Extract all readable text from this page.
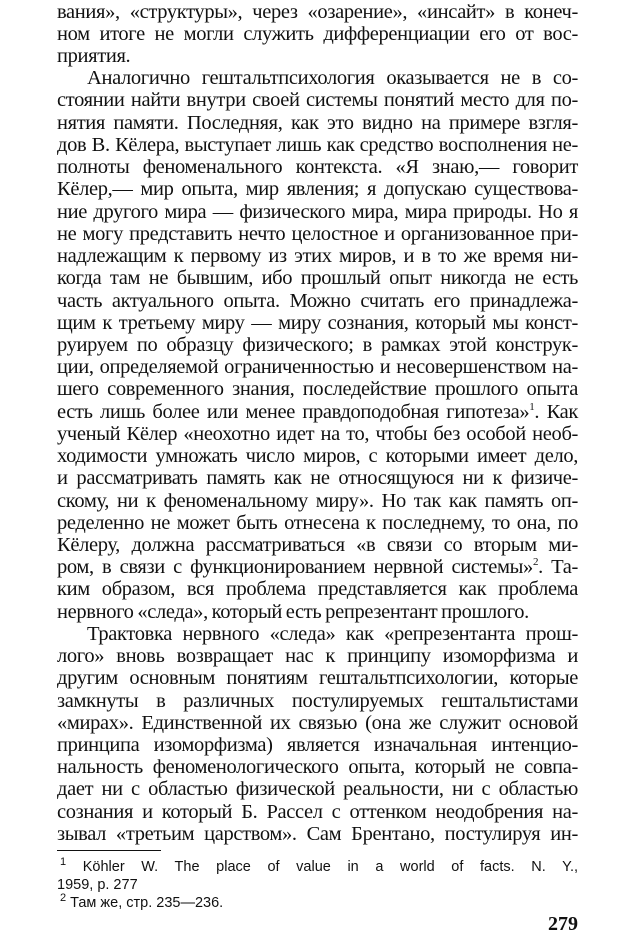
вания», «структуры», через «озарение», «инсайт» в конеч-
ном итоге не могли служить дифференциации его от вос-
приятия.
Аналогично гештальтпсихология оказывается не в со-
стоянии найти внутри своей системы понятий место для по-
нятия памяти. Последняя, как это видно на примере взгля-
дов В. Кёлера, выступает лишь как средство восполнения не-
полноты феноменального контекста. «Я знаю,— говорит
Кёлер,— мир опыта, мир явления; я допускаю существова-
ние другого мира — физического мира, мира природы. Но я
не могу представить нечто целостное и организованное при-
надлежащим к первому из этих миров, и в то же время ни-
когда там не бывшим, ибо прошлый опыт никогда не есть
часть актуального опыта. Можно считать его принадлежа-
щим к третьему миру — миру сознания, который мы конст-
руируем по образцу физического; в рамках этой конструк-
ции, определяемой ограниченностью и несовершенством на-
шего современного знания, последействие прошлого опыта
есть лишь более или менее правдоподобная гипотеза»$^1$. Как
ученый Кёлер «неохотно идет на то, чтобы без особой необ-
ходимости умножать число миров, с которыми имеет дело,
и рассматривать память как не относящуюся ни к физиче-
скому, ни к феноменальному миру». Но так как память оп-
ределенно не может быть отнесена к последнему, то она, по
Кёлеру, должна рассматриваться «в связи со вторым ми-
ром, в связи с функционированием нервной системы»$^2$. Та-
ким образом, вся проблема представляется как проблема
нервного «следа», который есть репрезентант прошлого.
Трактовка нервного «следа» как «репрезентанта прош-
лого» вновь возвращает нас к принципу изоморфизма и
другим основным понятиям гештальтпсихологии, которые
замкнуты в различных постулируемых гештальтистами
«мирах». Единственной их связью (она же служит основой
принципа изоморфизма) является изначальная интенцио-
нальность феноменологического опыта, который не совпа-
дает ни с областью физической реальности, ни с областью
сознания и который Б. Рассел с оттенком неодобрения на-
зывал «третьим царством». Сам Брентано, постулируя ин-
$^1$ Köhler W. The place of value in a world of facts. N. Y.,
1959, p. 277
$^2$ Там же, стр. 235—236.
279
